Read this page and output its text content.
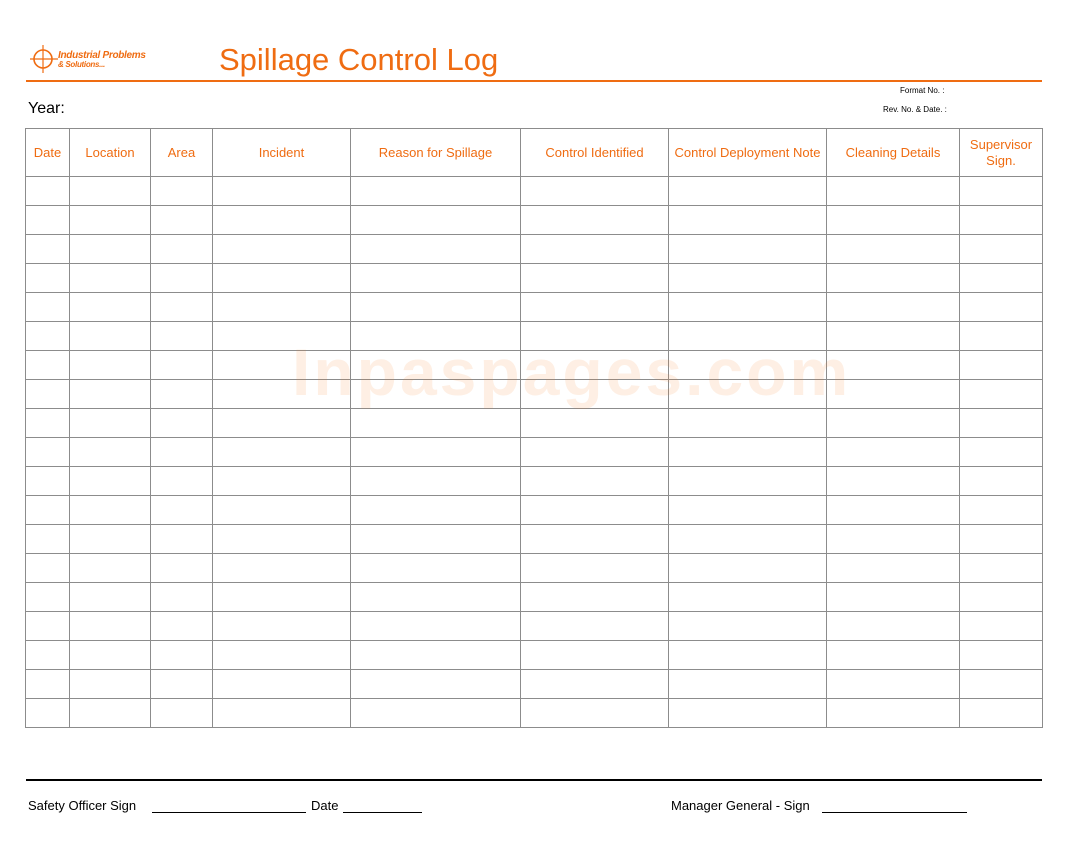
Industrial Problems
& Solutions...	Spillage Control Log
Format No. :
Rev. No. & Date. :
Year:
Date	Location	Area	Incident	Reason for Spillage	Control Identified	Control Deployment Note	Cleaning Details	Supervisor Sign.

Inpaspages.com
Safety Officer Sign	Date	Manager General - Sign
